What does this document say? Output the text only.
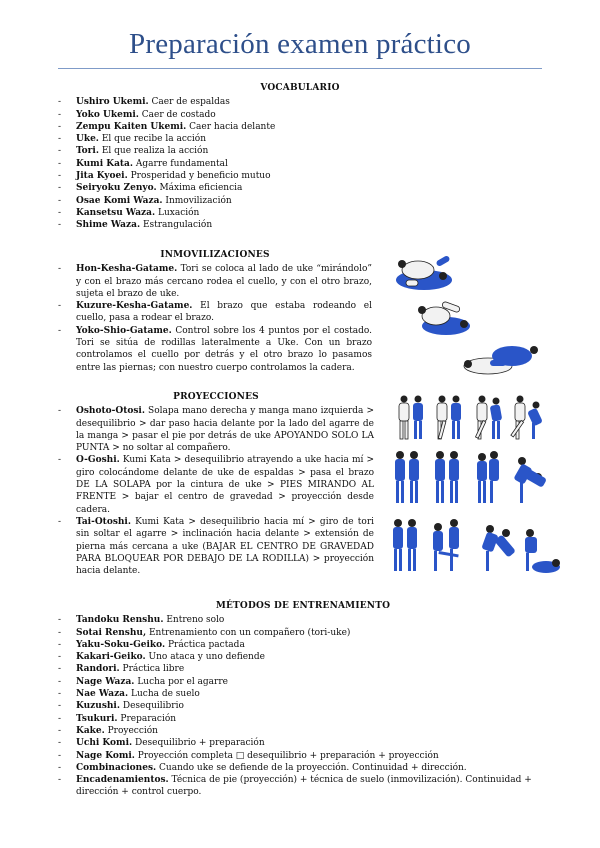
Preparación examen práctico
VOCABULARIO
- Ushiro Ukemi. Caer de espaldas
- Yoko Ukemi. Caer de costado
- Zempu Kaiten Ukemi. Caer hacia delante
- Uke. El que recibe la acción
- Tori. El que realiza la acción
- Kumi Kata. Agarre fundamental
- Jita Kyoei. Prosperidad y beneficio mutuo
- Seiryoku Zenyo. Máxima eficiencia
- Osae Komi Waza. Inmovilización
- Kansetsu Waza. Luxación
- Shime Waza. Estrangulación
INMOVILIZACIONES
- Hon-Kesha-Gatame. Tori se coloca al lado de uke “mirándolo” y con el brazo más cercano rodea el cuello, y con el otro brazo, sujeta el brazo de uke.
- Kuzure-Kesha-Gatame. El brazo que estaba rodeando el cuello, pasa a rodear el brazo.
- Yoko-Shio-Gatame. Control sobre los 4 puntos por el costado. Tori se sitúa de rodillas lateralmente a Uke. Con un brazo controlamos el cuello por detrás y el otro brazo lo pasamos entre las piernas; con nuestro cuerpo controlamos la cadera.
PROYECCIONES
- Oshoto-Otosi. Solapa mano derecha y manga mano izquierda > desequilibrio > dar paso hacia delante por la lado del agarre de la manga > pasar el pie por detrás de uke APOYANDO SOLO LA PUNTA > no soltar al compañero.
- O-Goshi. Kumi Kata > desequilibrio atrayendo a uke hacia mí > giro colocándome delante de uke de espaldas > pasa el brazo DE LA SOLAPA por la cintura de uke > PIES MIRANDO AL FRENTE > bajar el centro de gravedad > proyección desde cadera.
- Tai-Otoshi. Kumi Kata > desequilibrio hacia mí > giro de tori sin soltar el agarre > inclinación hacia delante > extensión de pierna más cercana a uke (BAJAR EL CENTRO DE GRAVEDAD PARA BLOQUEAR POR DEBAJO DE LA RODILLA) > proyección hacia delante.
MÉTODOS DE ENTRENAMIENTO
- Tandoku Renshu. Entreno solo
- Sotai Renshu, Entrenamiento con un compañero (tori-uke)
- Yaku-Soku-Geiko. Práctica pactada
- Kakari-Geiko. Uno ataca y uno defiende
- Randori. Práctica libre
- Nage Waza. Lucha por el agarre
- Nae Waza. Lucha de suelo
- Kuzushi. Desequilibrio
- Tsukuri. Preparación
- Kake. Proyección
- Uchi Komi. Desequilibrio + preparación
- Nage Komi. Proyección completa □ desequilibrio + preparación + proyección
- Combinaciones. Cuando uke se defiende de la proyección. Continuidad + dirección.
- Encadenamientos. Técnica de pie (proyección) + técnica de suelo (inmovilización). Continuidad + dirección + control cuerpo.
